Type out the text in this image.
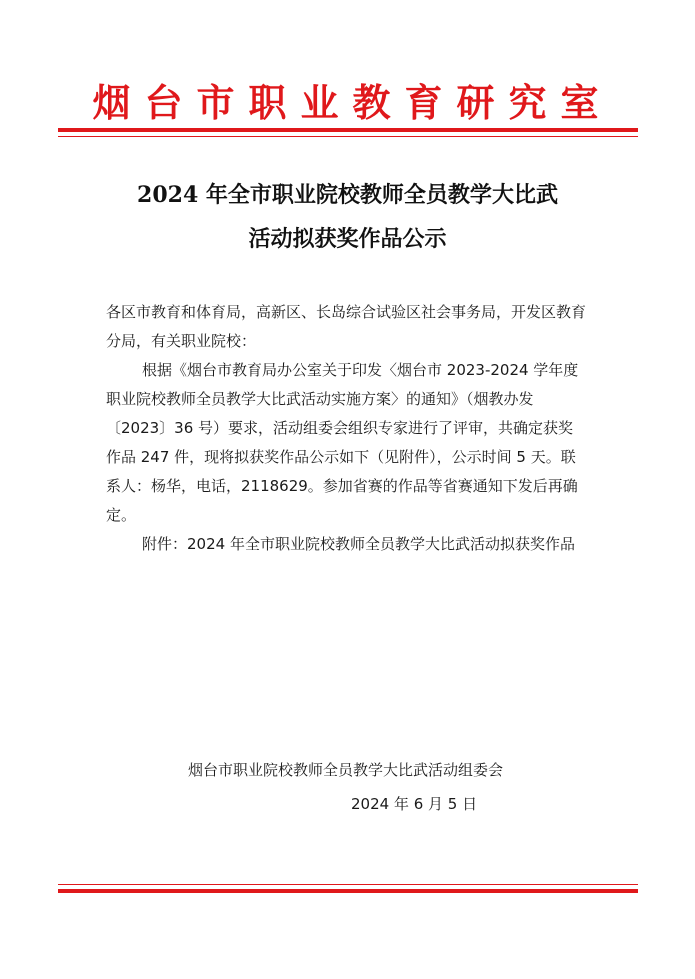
烟台市职业教育研究室
2024 年全市职业院校教师全员教学大比武
活动拟获奖作品公示

各区市教育和体育局，高新区、长岛综合试验区社会事务局，开发区教育分局，有关职业院校：

根据《烟台市教育局办公室关于印发〈烟台市 2023-2024 学年度职业院校教师全员教学大比武活动实施方案〉的通知》（烟教办发〔2023〕36 号）要求，活动组委会组织专家进行了评审，共确定获奖作品 247 件，现将拟获奖作品公示如下（见附件），公示时间 5 天。联系人：杨华，电话，2118629。参加省赛的作品等省赛通知下发后再确定。

附件：2024 年全市职业院校教师全员教学大比武活动拟获奖作品

烟台市职业院校教师全员教学大比武活动组委会
2024 年 6 月 5 日
